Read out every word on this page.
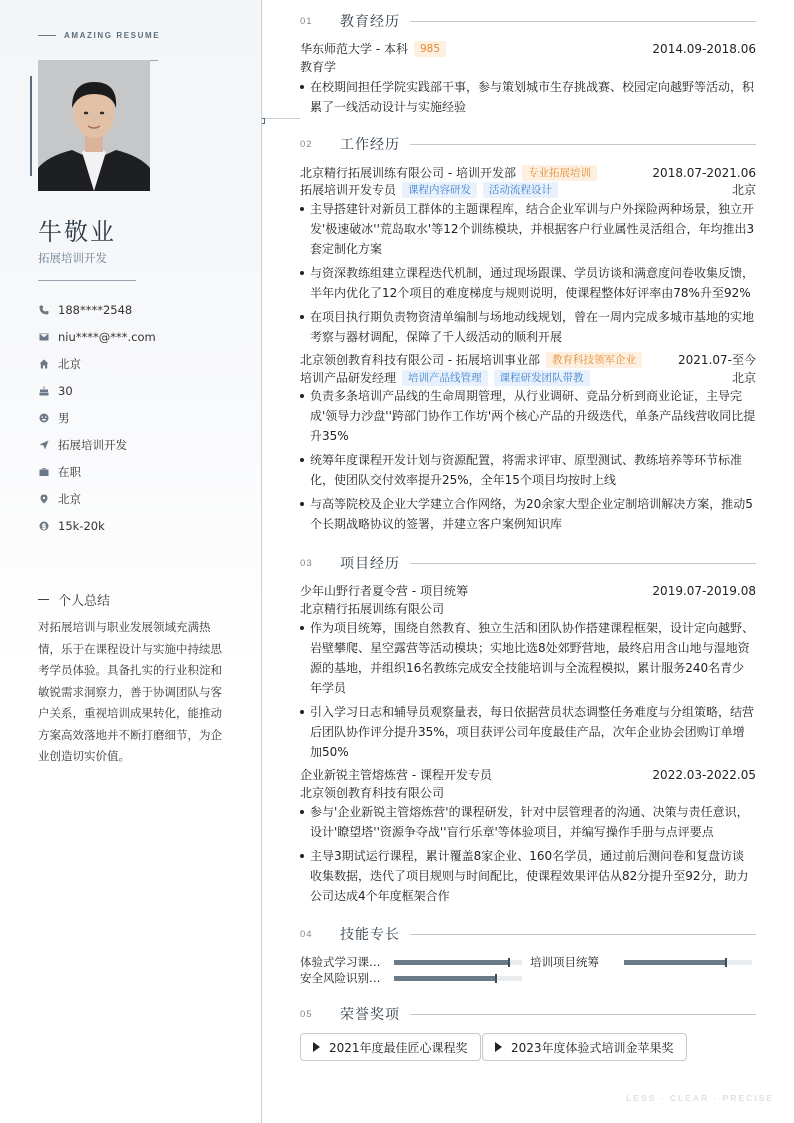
AMAZING RESUME
牛敬业
拓展培训开发
188****2548
niu****@***.com
北京
30
男
拓展培训开发
在职
北京
15k-20k
个人总结
对拓展培训与职业发展领域充满热情，乐于在课程设计与实施中持续思考学员体验。具备扎实的行业积淀和敏锐需求洞察力，善于协调团队与客户关系，重视培训成果转化，能推动方案高效落地并不断打磨细节，为企业创造切实价值。
01	教育经历
华东师范大学 - 本科	985	2014.09-2018.06
教育学
在校期间担任学院实践部干事，参与策划城市生存挑战赛、校园定向越野等活动，积累了一线活动设计与实施经验
02	工作经历
北京精行拓展训练有限公司 - 培训开发部	专业拓展培训	2018.07-2021.06
拓展培训开发专员	课程内容研发	活动流程设计	北京
主导搭建针对新员工群体的主题课程库，结合企业军训与户外探险两种场景，独立开发'极速破冰''荒岛取水'等12个训练模块，并根据客户行业属性灵活组合，年均推出3套定制化方案
与资深教练组建立课程迭代机制，通过现场跟课、学员访谈和满意度问卷收集反馈，半年内优化了12个项目的难度梯度与规则说明，使课程整体好评率由78%升至92%
在项目执行期负责物资清单编制与场地动线规划，曾在一周内完成多城市基地的实地考察与器材调配，保障了千人级活动的顺利开展
北京领创教育科技有限公司 - 拓展培训事业部	教育科技领军企业	2021.07-至今
培训产品研发经理	培训产品线管理	课程研发团队带教	北京
负责多条培训产品线的生命周期管理，从行业调研、竞品分析到商业论证，主导完成'领导力沙盘''跨部门协作工作坊'两个核心产品的升级迭代，单条产品线营收同比提升35%
统筹年度课程开发计划与资源配置，将需求评审、原型测试、教练培养等环节标准化，使团队交付效率提升25%，全年15个项目均按时上线
与高等院校及企业大学建立合作网络，为20余家大型企业定制培训解决方案，推动5个长期战略协议的签署，并建立客户案例知识库
03	项目经历
少年山野行者夏令营 - 项目统筹	2019.07-2019.08
北京精行拓展训练有限公司
作为项目统筹，围绕自然教育、独立生活和团队协作搭建课程框架，设计定向越野、岩壁攀爬、星空露营等活动模块；实地比选8处郊野营地，最终启用含山地与湿地资源的基地，并组织16名教练完成安全技能培训与全流程模拟，累计服务240名青少年学员
引入学习日志和辅导员观察量表，每日依据营员状态调整任务难度与分组策略，结营后团队协作评分提升35%，项目获评公司年度最佳产品，次年企业协会团购订单增加50%
企业新锐主管熔炼营 - 课程开发专员	2022.03-2022.05
北京领创教育科技有限公司
参与'企业新锐主管熔炼营'的课程研发，针对中层管理者的沟通、决策与责任意识，设计'瞭望塔''资源争夺战''盲行乐章'等体验项目，并编写操作手册与点评要点
主导3期试运行课程，累计覆盖8家企业、160名学员，通过前后测问卷和复盘访谈收集数据，迭代了项目规则与时间配比，使课程效果评估从82分提升至92分，助力公司达成4个年度框架合作
04	技能专长
体验式学习课…	培训项目统筹
安全风险识别…
05	荣誉奖项
2021年度最佳匠心课程奖	2023年度体验式培训金苹果奖
LESS · CLEAR · PRECISE
